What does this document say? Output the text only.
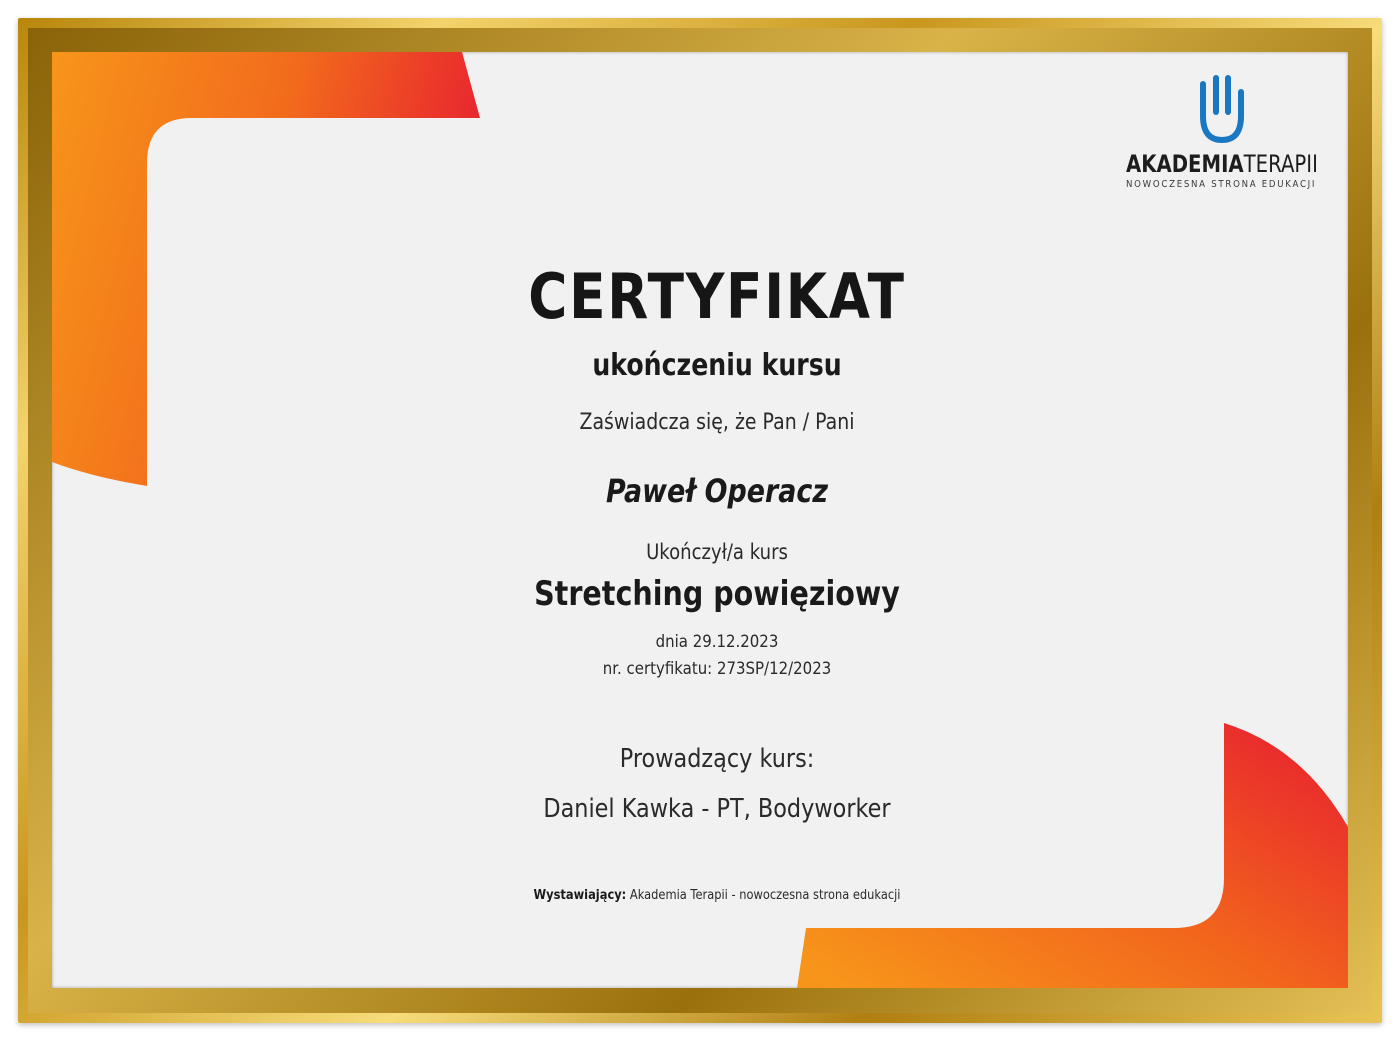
AKADEMIATERAPII
NOWOCZESNA STRONA EDUKACJI
CERTYFIKAT
ukończeniu kursu
Zaświadcza się, że Pan / Pani
Paweł Operacz
Ukończył/a kurs
Stretching powięziowy
dnia 29.12.2023
nr. certyfikatu: 273SP/12/2023
Prowadzący kurs:
Daniel Kawka - PT, Bodyworker
Wystawiający: Akademia Terapii - nowoczesna strona edukacji
